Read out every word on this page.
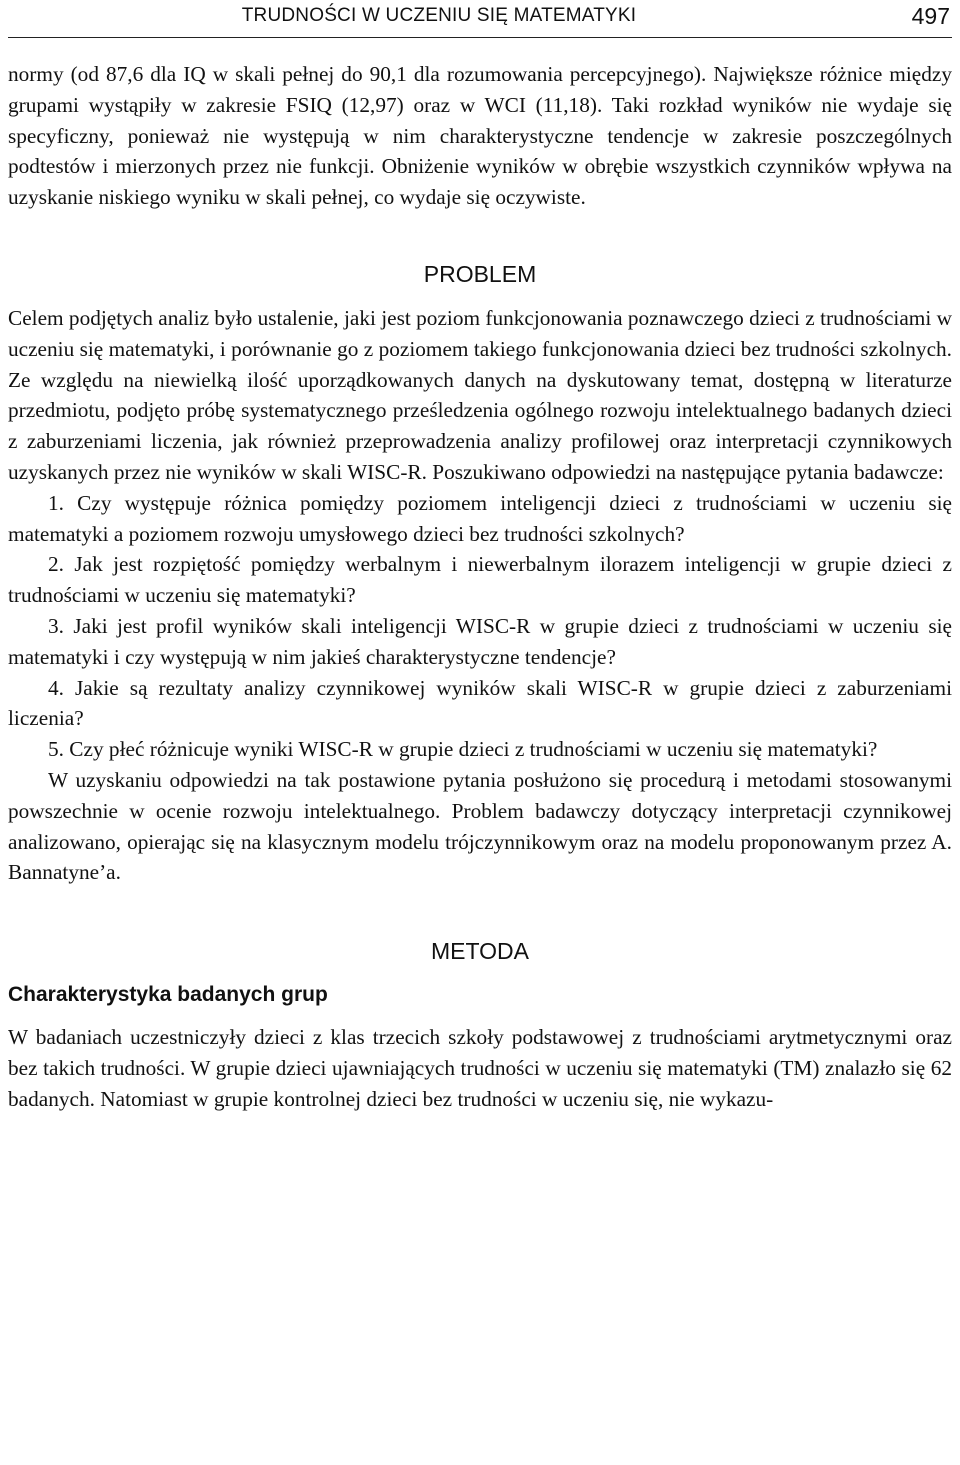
TRUDNOŚCI W UCZENIU SIĘ MATEMATYKI	497

normy (od 87,6 dla IQ w skali pełnej do 90,1 dla rozumowania percepcyjnego). Największe różnice między grupami wystąpiły w zakresie FSIQ (12,97) oraz w WCI (11,18). Taki rozkład wyników nie wydaje się specyficzny, ponieważ nie występują w nim charakterystyczne tendencje w zakresie poszczególnych podtestów i mierzonych przez nie funkcji. Obniżenie wyników w obrębie wszystkich czynników wpływa na uzyskanie niskiego wyniku w skali pełnej, co wydaje się oczywiste.

PROBLEM

Celem podjętych analiz było ustalenie, jaki jest poziom funkcjonowania poznawczego dzieci z trudnościami w uczeniu się matematyki, i porównanie go z poziomem takiego funkcjonowania dzieci bez trudności szkolnych. Ze względu na niewielką ilość uporządkowanych danych na dyskutowany temat, dostępną w literaturze przedmiotu, podjęto próbę systematycznego prześledzenia ogólnego rozwoju intelektualnego badanych dzieci z zaburzeniami liczenia, jak również przeprowadzenia analizy profilowej oraz interpretacji czynnikowych uzyskanych przez nie wyników w skali WISC-R. Poszukiwano odpowiedzi na następujące pytania badawcze:

1. Czy występuje różnica pomiędzy poziomem inteligencji dzieci z trudnościami w uczeniu się matematyki a poziomem rozwoju umysłowego dzieci bez trudności szkolnych?

2. Jak jest rozpiętość pomiędzy werbalnym i niewerbalnym ilorazem inteligencji w grupie dzieci z trudnościami w uczeniu się matematyki?

3. Jaki jest profil wyników skali inteligencji WISC-R w grupie dzieci z trudnościami w uczeniu się matematyki i czy występują w nim jakieś charakterystyczne tendencje?

4. Jakie są rezultaty analizy czynnikowej wyników skali WISC-R w grupie dzieci z zaburzeniami liczenia?

5. Czy płeć różnicuje wyniki WISC-R w grupie dzieci z trudnościami w uczeniu się matematyki?

W uzyskaniu odpowiedzi na tak postawione pytania posłużono się procedurą i metodami stosowanymi powszechnie w ocenie rozwoju intelektualnego. Problem badawczy dotyczący interpretacji czynnikowej analizowano, opierając się na klasycznym modelu trójczynnikowym oraz na modelu proponowanym przez A. Bannatyne’a.

METODA
Charakterystyka badanych grup

W badaniach uczestniczyły dzieci z klas trzecich szkoły podstawowej z trudnościami arytmetycznymi oraz bez takich trudności. W grupie dzieci ujawniających trudności w uczeniu się matematyki (TM) znalazło się 62 badanych. Natomiast w grupie kontrolnej dzieci bez trudności w uczeniu się, nie wykazu-
